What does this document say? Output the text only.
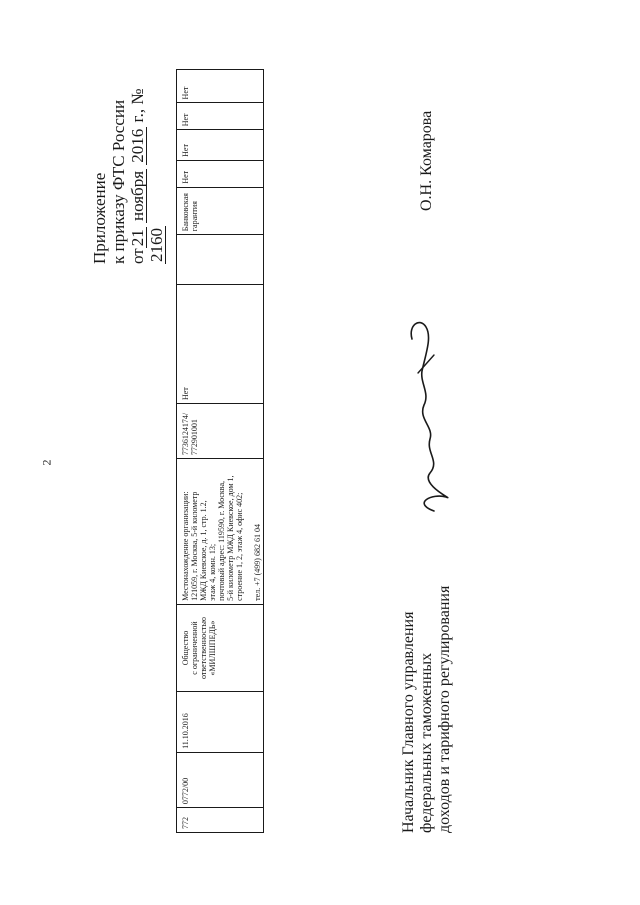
2
Приложение к приказу ФТС России от21 ноября 2016 г., № 2160
772
0772/00
11.10.2016
Общество
с ограниченной
ответственностью
«МИЛШПЕДЬ»
Местонахождение организации:
121059, г. Москва, 5-й километр
МЖД Киевское, д. 1, стр. 1.2,
этаж 4, комн. 13;
почтовый адрес: 119590, г. Москва,
5-й километр МЖД Киевское, дом 1,
строение 1, 2, этаж 4, офис 402;

тел. +7 (499) 682 61 04
7736124174/
772901001
Нет
Банковская
гарантия
Нет
Нет
Нет
Нет
Начальник Главного управления
федеральных таможенных
доходов и тарифного регулирования
О.Н. Комарова
